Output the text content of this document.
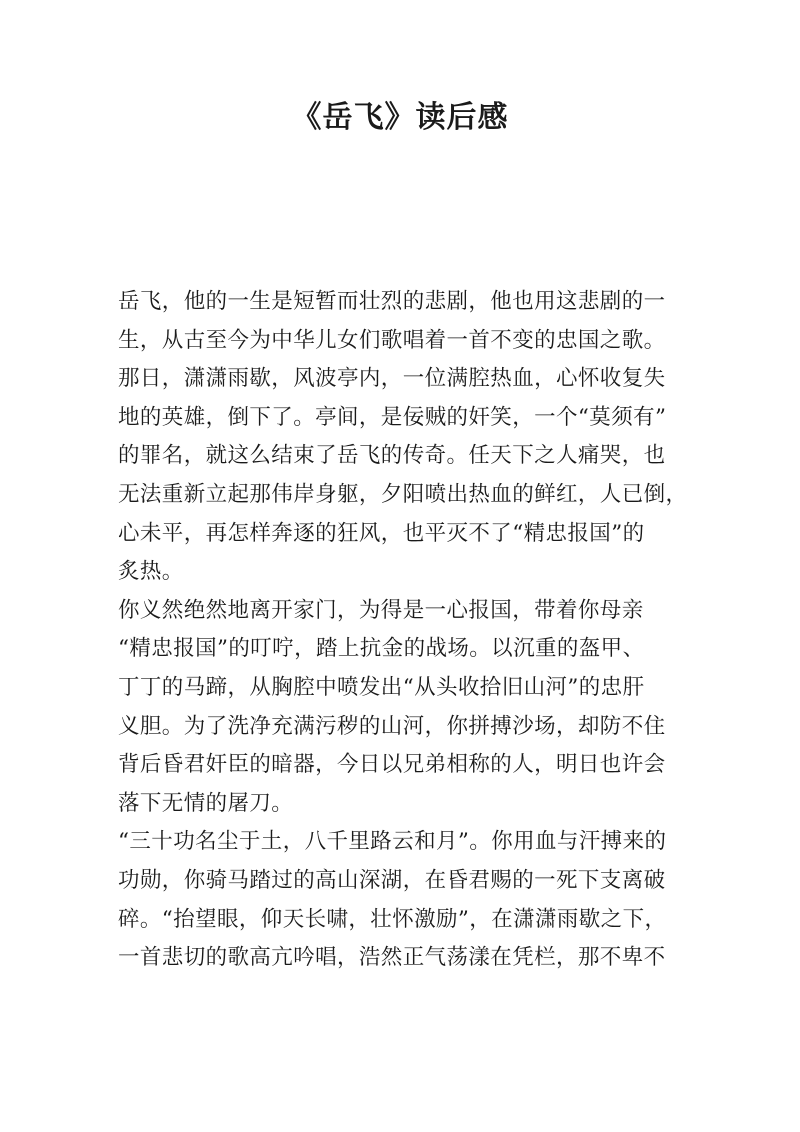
《岳飞》读后感
岳飞，他的一生是短暂而壮烈的悲剧，他也用这悲剧的一
生，从古至今为中华儿女们歌唱着一首不变的忠国之歌。
那日，潇潇雨歇，风波亭内，一位满腔热血，心怀收复失
地的英雄，倒下了。亭间，是佞贼的奸笑，一个“莫须有”
的罪名，就这么结束了岳飞的传奇。任天下之人痛哭，也
无法重新立起那伟岸身躯，夕阳喷出热血的鲜红，人已倒，
心未平，再怎样奔逐的狂风，也平灭不了“精忠报国”的
炙热。
你义然绝然地离开家门，为得是一心报国，带着你母亲
“精忠报国”的叮咛，踏上抗金的战场。以沉重的盔甲、
丁丁的马蹄，从胸腔中喷发出“从头收拾旧山河”的忠肝
义胆。为了洗净充满污秽的山河，你拼搏沙场，却防不住
背后昏君奸臣的暗器，今日以兄弟相称的人，明日也许会
落下无情的屠刀。
“三十功名尘于土，八千里路云和月”。你用血与汗搏来的
功勋，你骑马踏过的高山深湖，在昏君赐的一死下支离破
碎。“抬望眼，仰天长啸，壮怀激励”，在潇潇雨歇之下，
一首悲切的歌高亢吟唱，浩然正气荡漾在凭栏，那不卑不
